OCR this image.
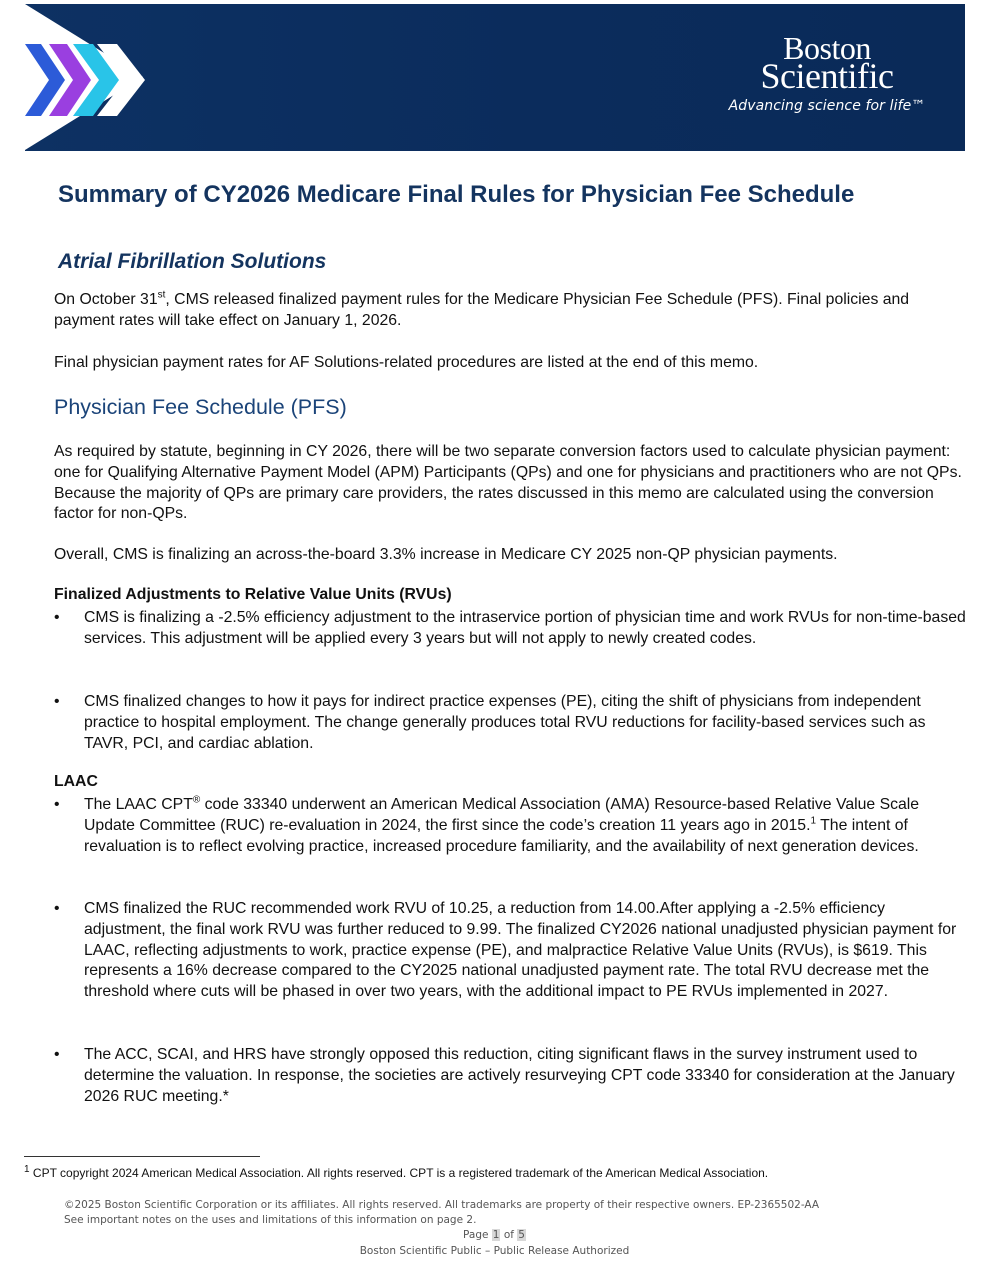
Boston
Scientific
Advancing science for life™
Summary of CY2026 Medicare Final Rules for Physician Fee Schedule
Atrial Fibrillation Solutions

On October 31st, CMS released finalized payment rules for the Medicare Physician Fee Schedule (PFS). Final policies and payment rates will take effect on January 1, 2026.

Final physician payment rates for AF Solutions-related procedures are listed at the end of this memo.

Physician Fee Schedule (PFS)

As required by statute, beginning in CY 2026, there will be two separate conversion factors used to calculate physician payment: one for Qualifying Alternative Payment Model (APM) Participants (QPs) and one for physicians and practitioners who are not QPs. Because the majority of QPs are primary care providers, the rates discussed in this memo are calculated using the conversion factor for non-QPs.

Overall, CMS is finalizing an across-the-board 3.3% increase in Medicare CY 2025 non-QP physician payments.

Finalized Adjustments to Relative Value Units (RVUs)
•	CMS is finalizing a -2.5% efficiency adjustment to the intraservice portion of physician time and work RVUs for non-time-based services. This adjustment will be applied every 3 years but will not apply to newly created codes.
•	CMS finalized changes to how it pays for indirect practice expenses (PE), citing the shift of physicians from independent practice to hospital employment. The change generally produces total RVU reductions for facility-based services such as TAVR, PCI, and cardiac ablation.
LAAC
•	The LAAC CPT® code 33340 underwent an American Medical Association (AMA) Resource-based Relative Value Scale Update Committee (RUC) re-evaluation in 2024, the first since the code’s creation 11 years ago in 2015.$^1$ The intent of revaluation is to reflect evolving practice, increased procedure familiarity, and the availability of next generation devices.
•	CMS finalized the RUC recommended work RVU of 10.25, a reduction from 14.00.After applying a -2.5% efficiency adjustment, the final work RVU was further reduced to 9.99. The finalized CY2026 national unadjusted physician payment for LAAC, reflecting adjustments to work, practice expense (PE), and malpractice Relative Value Units (RVUs), is $619. This represents a 16% decrease compared to the CY2025 national unadjusted payment rate. The total RVU decrease met the threshold where cuts will be phased in over two years, with the additional impact to PE RVUs implemented in 2027.
•	The ACC, SCAI, and HRS have strongly opposed this reduction, citing significant flaws in the survey instrument used to determine the valuation. In response, the societies are actively resurveying CPT code 33340 for consideration at the January 2026 RUC meeting.*
$^1$ CPT copyright 2024 American Medical Association. All rights reserved. CPT is a registered trademark of the American Medical Association.
©2025 Boston Scientific Corporation or its affiliates. All rights reserved. All trademarks are property of their respective owners. EP-2365502-AA
See important notes on the uses and limitations of this information on page 2.
Page 1 of 5
Boston Scientific Public – Public Release Authorized
